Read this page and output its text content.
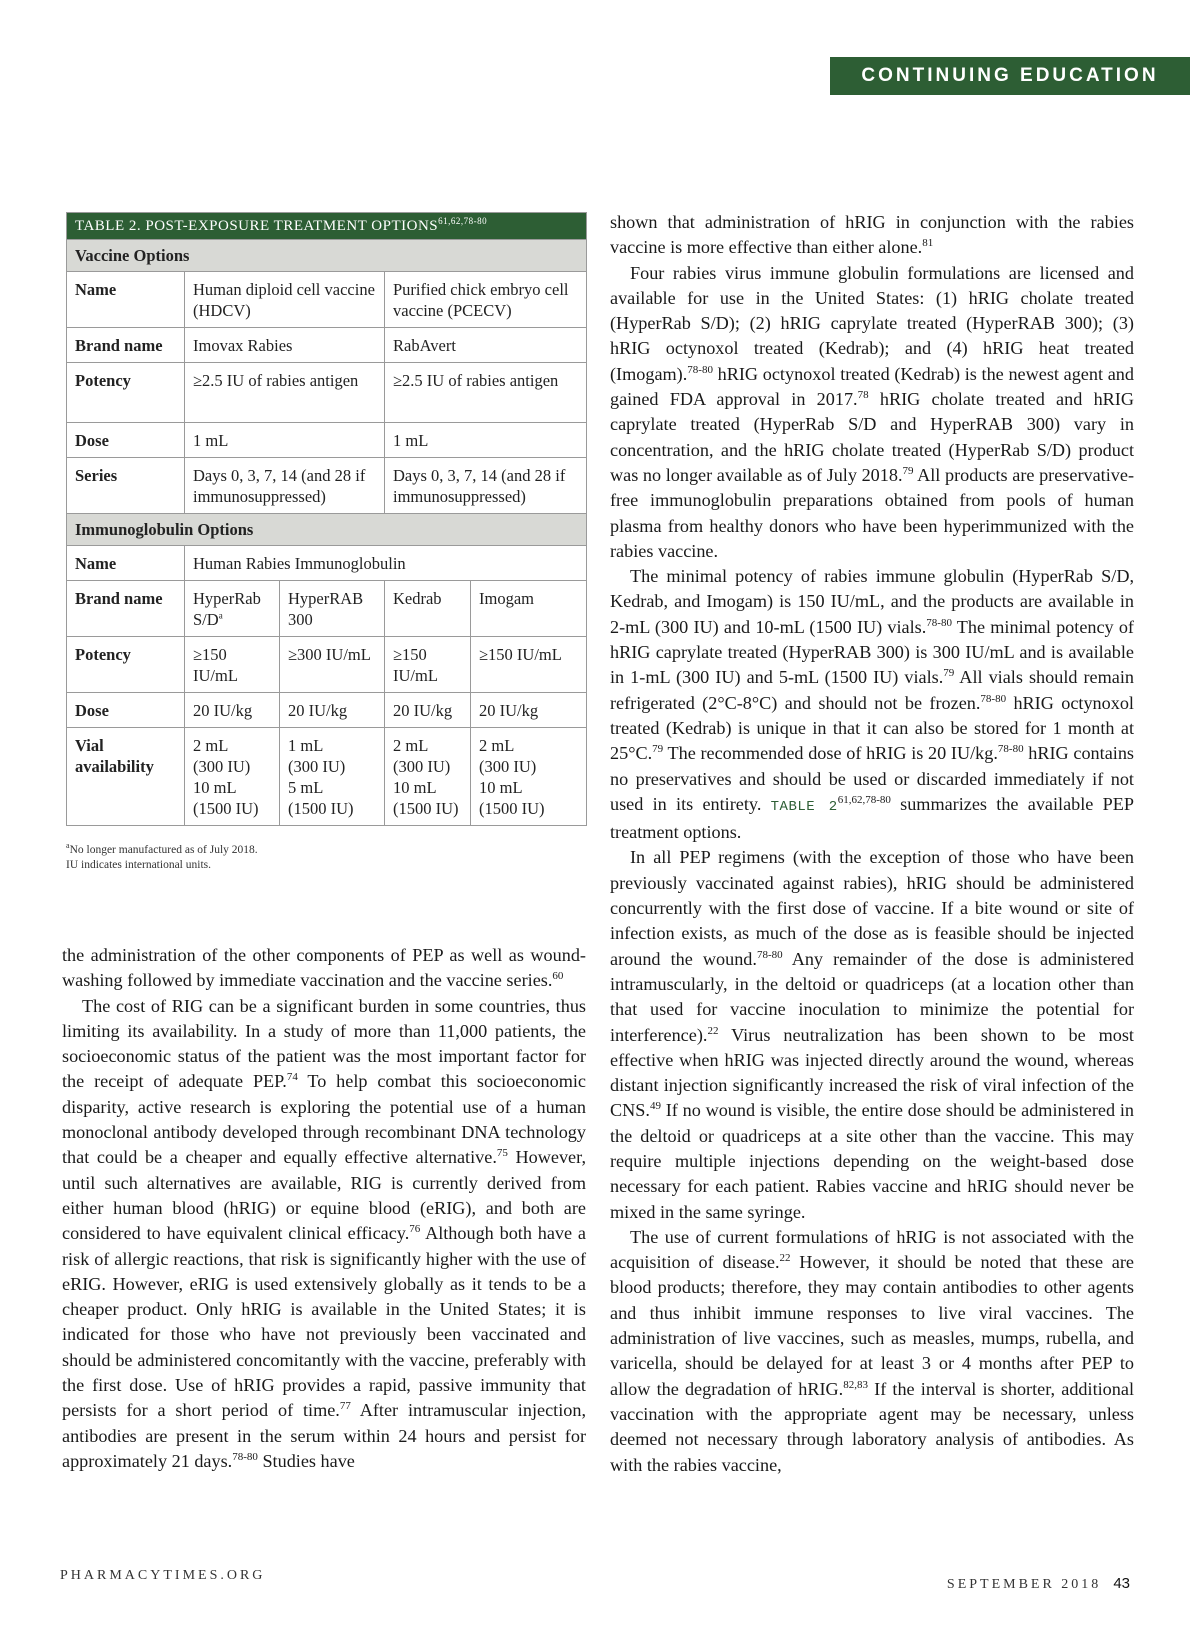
CONTINUING EDUCATION
TABLE 2. POST-EXPOSURE TREATMENT OPTIONS$^{61,62,78-80}$
Vaccine Options				
Name	Human diploid cell vaccine (HDCV)		Purified chick embryo cell vaccine (PCECV)	
Brand name	Imovax Rabies		RabAvert	
Potency	≥2.5 IU of rabies antigen		≥2.5 IU of rabies antigen	
Dose	1 mL		1 mL	
Series	Days 0, 3, 7, 14 (and 28 if immunosuppressed)		Days 0, 3, 7, 14 (and 28 if immunosuppressed)	
Immunoglobulin Options				
Name	Human Rabies Immunoglobulin			
Brand name	HyperRab $S/D^a$	HyperRAB 300	Kedrab	Imogam
Potency	≥150 IU/mL	≥300 IU/mL	≥150 IU/mL	≥150 IU/mL
Dose	20 IU/kg	20 IU/kg	20 IU/kg	20 IU/kg
Vial availability	2 mL
(300 IU)
10 mL
(1500 IU)	1 mL
(300 IU)
5 mL
(1500 IU)	2 mL
(300 IU)
10 mL
(1500 IU)	2 mL
(300 IU)
10 mL
(1500 IU)
$^a$No longer manufactured as of July 2018.
IU indicates international units.

the administration of the other components of PEP as well as wound-washing followed by immediate vaccination and the vaccine series.$^{60}$

The cost of RIG can be a significant burden in some countries, thus limiting its availability. In a study of more than 11,000 patients, the socioeconomic status of the patient was the most important factor for the receipt of adequate PEP.$^{74}$ To help combat this socioeconomic disparity, active research is exploring the potential use of a human monoclonal antibody developed through recombinant DNA technology that could be a cheaper and equally effective alternative.$^{75}$ However, until such alternatives are available, RIG is currently derived from either human blood (hRIG) or equine blood (eRIG), and both are considered to have equivalent clinical efficacy.$^{76}$ Although both have a risk of allergic reactions, that risk is significantly higher with the use of eRIG. However, eRIG is used extensively globally as it tends to be a cheaper product. Only hRIG is available in the United States; it is indicated for those who have not previously been vaccinated and should be administered concomitantly with the vaccine, preferably with the first dose. Use of hRIG provides a rapid, passive immunity that persists for a short period of time.$^{77}$ After intramuscular injection, antibodies are present in the serum within 24 hours and persist for approximately 21 days.$^{78-80}$ Studies have

shown that administration of hRIG in conjunction with the rabies vaccine is more effective than either alone.$^{81}$

Four rabies virus immune globulin formulations are licensed and available for use in the United States: (1) hRIG cholate treated (HyperRab S/D); (2) hRIG caprylate treated (HyperRAB 300); (3) hRIG octynoxol treated (Kedrab); and (4) hRIG heat treated (Imogam).$^{78-80}$ hRIG octynoxol treated (Kedrab) is the newest agent and gained FDA approval in 2017.78 hRIG cholate treated and hRIG caprylate treated (HyperRab S/D and HyperRAB 300) vary in concentration, and the hRIG cholate treated (HyperRab S/D) product was no longer available as of July 2018.79 All products are preservative-free immunoglobulin preparations obtained from pools of human plasma from healthy donors who have been hyperimmunized with the rabies vaccine.

The minimal potency of rabies immune globulin (HyperRab S/D, Kedrab, and Imogam) is 150 IU/mL, and the products are available in 2-mL (300 IU) and 10-mL (1500 IU) vials.$^{78-80}$ The minimal potency of hRIG caprylate treated (HyperRAB 300) is 300 IU/mL and is available in 1-mL (300 IU) and 5-mL (1500 IU) vials.$^{79}$ All vials should remain refrigerated (2°C-8°C) and should not be frozen.$^{78-80}$ hRIG octynoxol treated (Kedrab) is unique in that it can also be stored for 1 month at 25°C.$^{79}$ The recommended dose of hRIG is 20 IU/kg.$^{78-80}$ hRIG contains no preservatives and should be used or discarded immediately if not used in its entirety. TABLE 2$^{61,62,78-80}$ summarizes the available PEP treatment options.

In all PEP regimens (with the exception of those who have been previously vaccinated against rabies), hRIG should be administered concurrently with the first dose of vaccine. If a bite wound or site of infection exists, as much of the dose as is feasible should be injected around the wound.$^{78-80}$ Any remainder of the dose is administered intramuscularly, in the deltoid or quadriceps (at a location other than that used for vaccine inoculation to minimize the potential for interference).$^{22}$ Virus neutralization has been shown to be most effective when hRIG was injected directly around the wound, whereas distant injection significantly increased the risk of viral infection of the CNS.$^{49}$ If no wound is visible, the entire dose should be administered in the deltoid or quadriceps at a site other than the vaccine. This may require multiple injections depending on the weight-based dose necessary for each patient. Rabies vaccine and hRIG should never be mixed in the same syringe.

The use of current formulations of hRIG is not associated with the acquisition of disease.$^{22}$ However, it should be noted that these are blood products; therefore, they may contain antibodies to other agents and thus inhibit immune responses to live viral vaccines. The administration of live vaccines, such as measles, mumps, rubella, and varicella, should be delayed for at least 3 or 4 months after PEP to allow the degradation of hRIG.$^{82,83}$ If the interval is shorter, additional vaccination with the appropriate agent may be necessary, unless deemed not necessary through laboratory analysis of antibodies. As with the rabies vaccine,

PHARMACYTIMES.ORG
SEPTEMBER 2018 43
